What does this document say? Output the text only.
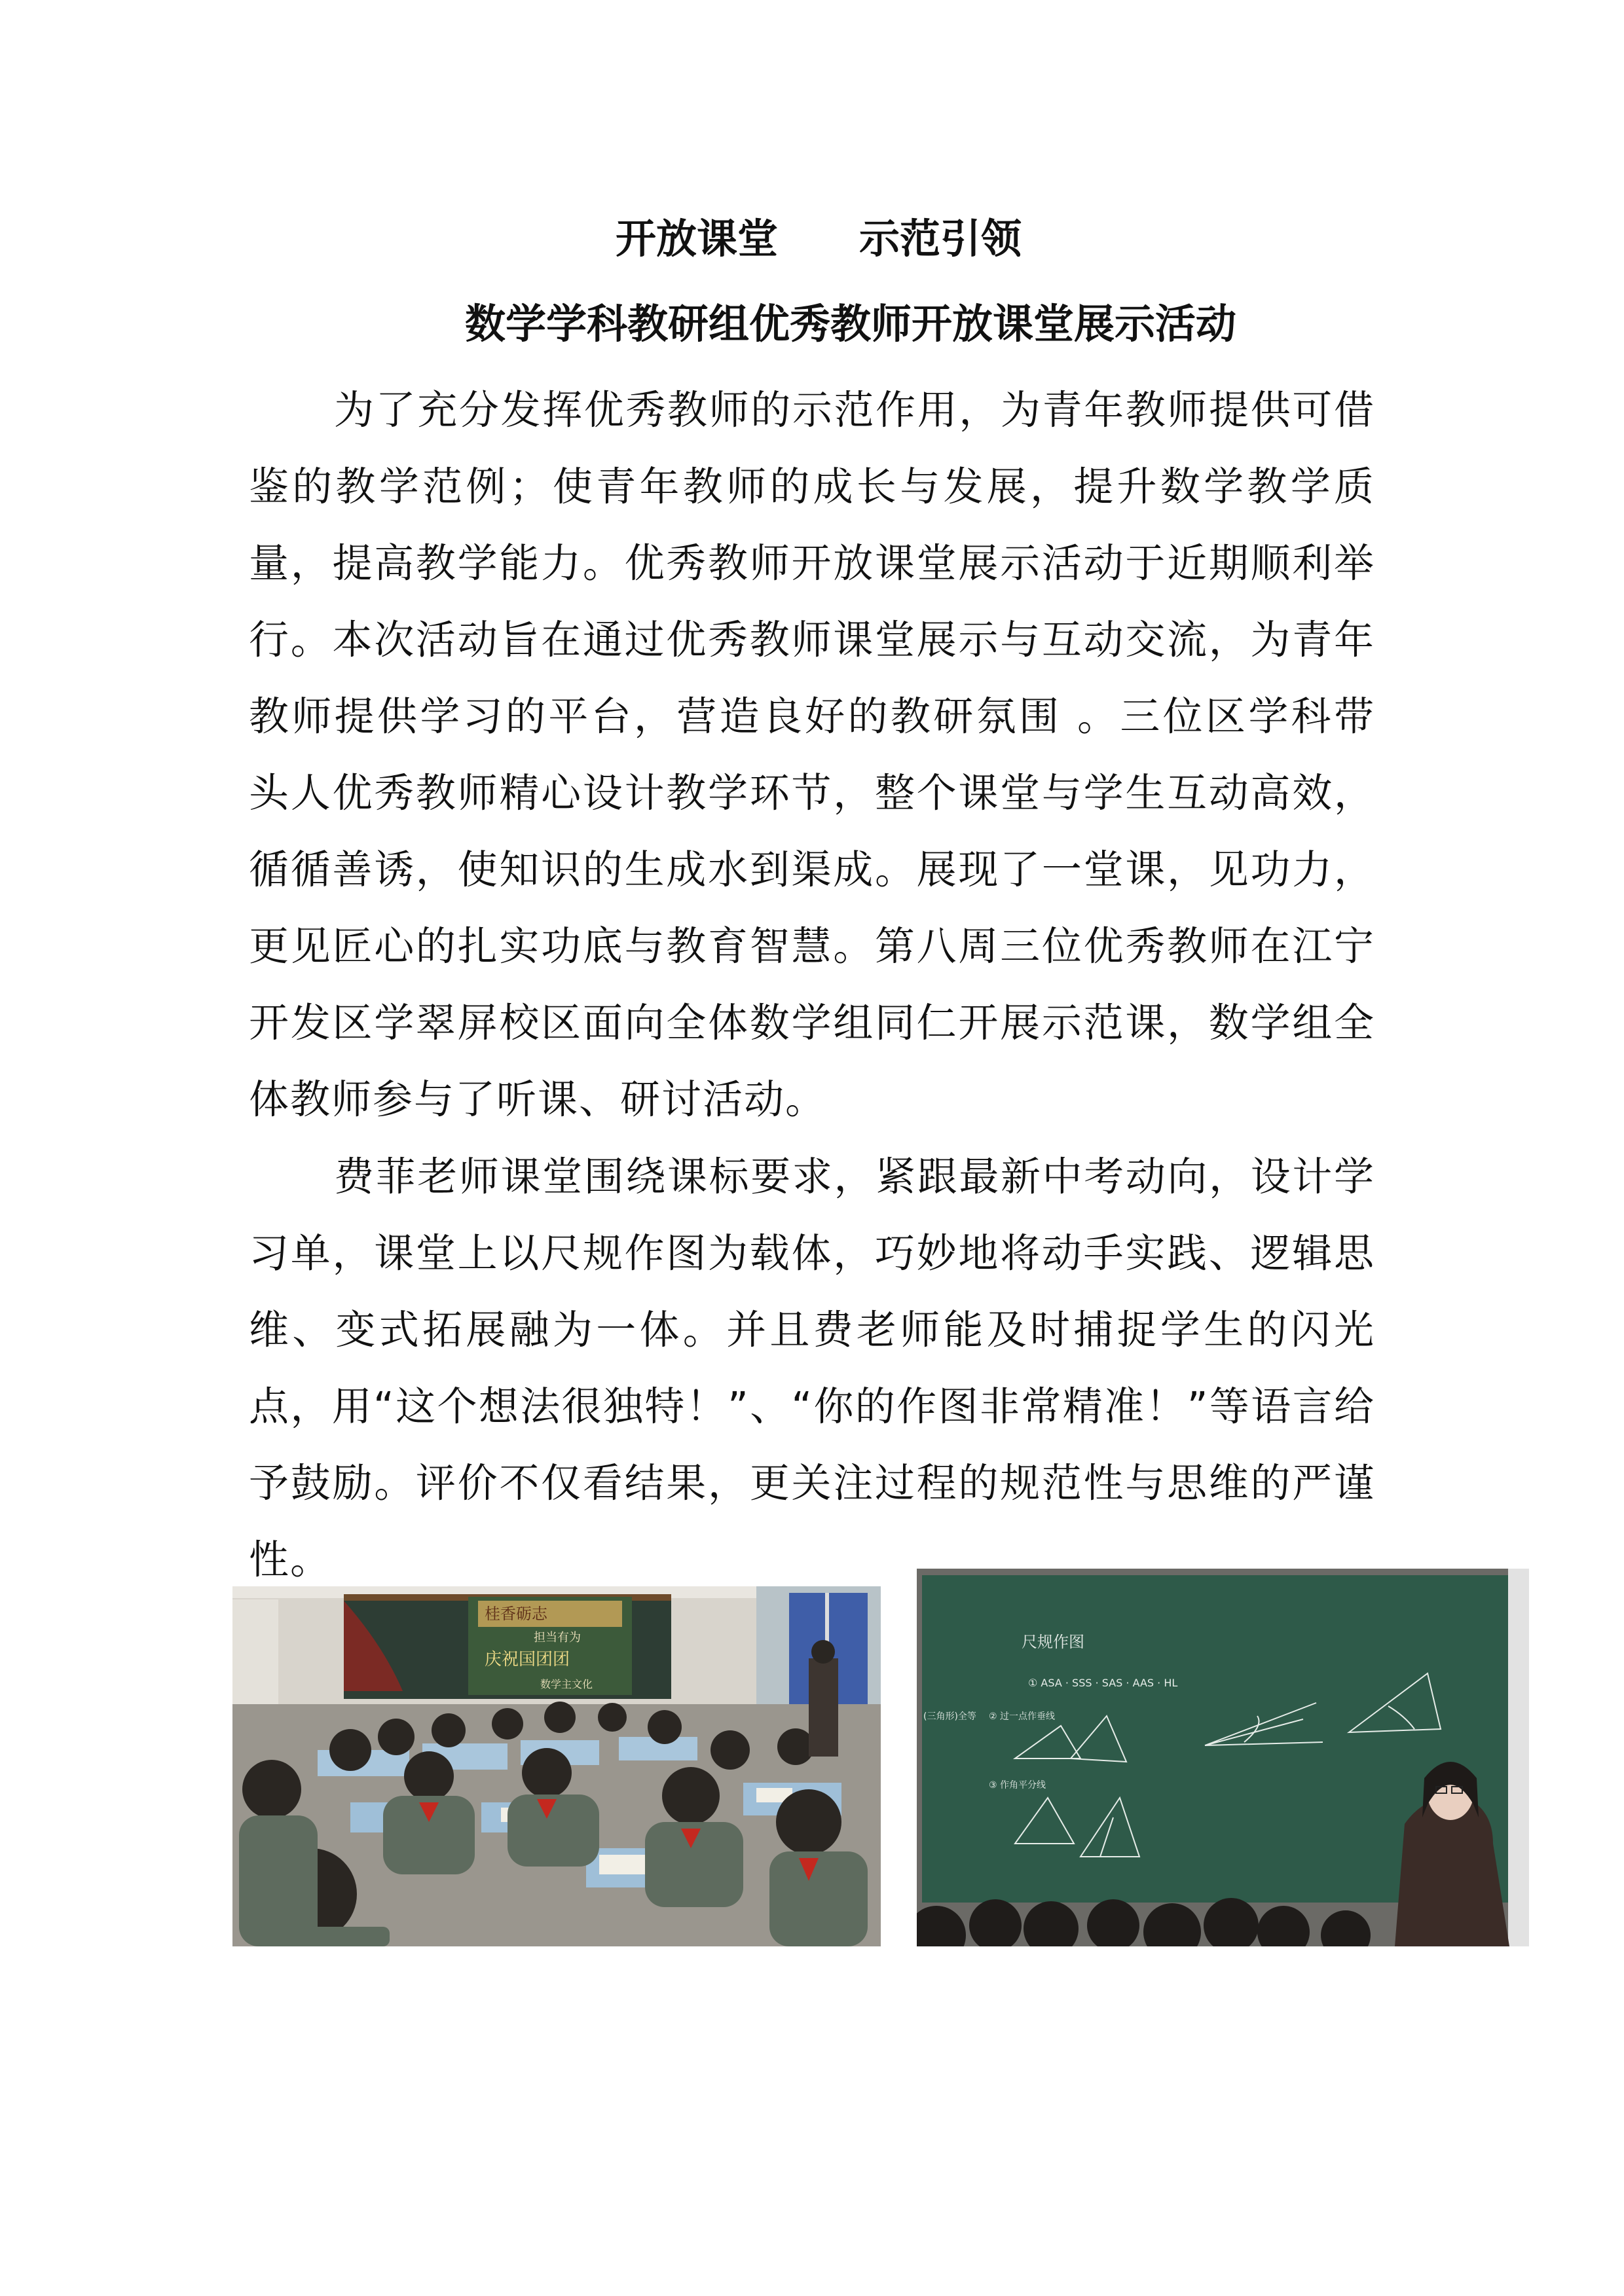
开放课堂　　示范引领
数学学科教研组优秀教师开放课堂展示活动

为了充分发挥优秀教师的示范作用，为青年教师提供可借鉴的教学范例；使青年教师的成长与发展，提升数学教学质量，提高教学能力。优秀教师开放课堂展示活动于近期顺利举行。本次活动旨在通过优秀教师课堂展示与互动交流，为青年教师提供学习的平台，营造良好的教研氛围 。三位区学科带头人优秀教师精心设计教学环节，整个课堂与学生互动高效，循循善诱，使知识的生成水到渠成。展现了一堂课，见功力，更见匠心的扎实功底与教育智慧。第八周三位优秀教师在江宁开发区学翠屏校区面向全体数学组同仁开展示范课，数学组全体教师参与了听课、研讨活动。

费菲老师课堂围绕课标要求，紧跟最新中考动向，设计学习单，课堂上以尺规作图为载体，巧妙地将动手实践、逻辑思维、变式拓展融为一体。并且费老师能及时捕捉学生的闪光点，用“这个想法很独特！”、“你的作图非常精准！”等语言给予鼓励。评价不仅看结果，更关注过程的规范性与思维的严谨性。

桂香砺志
担当有为
庆祝国团团
数学主文化
尺规作图
① ASA · SSS · SAS · AAS · HL
(三角形)全等 ② 过一点作垂线
③ 作角平分线
